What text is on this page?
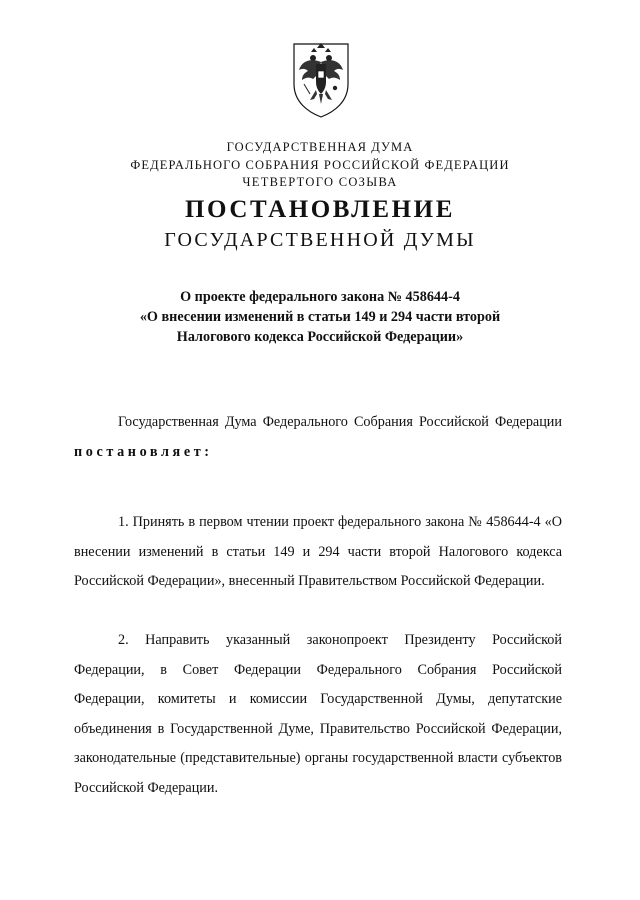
ГОСУДАРСТВЕННАЯ ДУМА
ФЕДЕРАЛЬНОГО СОБРАНИЯ РОССИЙСКОЙ ФЕДЕРАЦИИ
ЧЕТВЕРТОГО СОЗЫВА
ПОСТАНОВЛЕНИЕ
ГОСУДАРСТВЕННОЙ ДУМЫ
О проекте федерального закона № 458644-4
«О внесении изменений в статьи 149 и 294 части второй
Налогового кодекса Российской Федерации»
Государственная Дума Федерального Собрания Российской Федерации постановляет:
1. Принять в первом чтении проект федерального закона № 458644-4 «О внесении изменений в статьи 149 и 294 части второй Налогового кодекса Российской Федерации», внесенный Правительством Российской Федерации.
2. Направить указанный законопроект Президенту Российской Федерации, в Совет Федерации Федерального Собрания Российской Федерации, комитеты и комиссии Государственной Думы, депутатские объединения в Государственной Думе, Правительство Российской Федерации, законодательные (представительные) органы государственной власти субъектов Российской Федерации.
